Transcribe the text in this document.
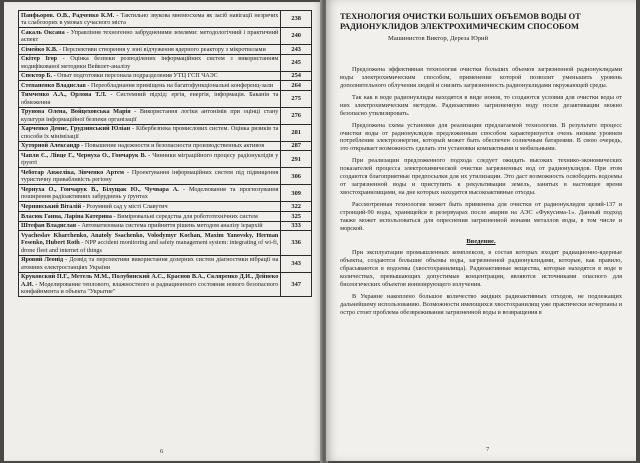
Панфьоров. О.В., Радченко К.М. - Тактильно звукова мнемосхема як засіб навігації незрячих та слабозорих в умовах сучасного міста	238
Сакаль Оксана - Управління техногенно забрудненими землями: методологічний і практичний аспект	240
Сімейко К.В. - Перспективи створення у зоні відчуження ядерного реактору з мікротвелами	243
Скітер Ігор - Оцінка безпеки розподілених інформаційних систем з використанням модифікованої методики Вейвлет-аналізу	245
Спектор Б. - Опыт подготовки персонала подразделения УТЦ ГСП ЧАЭС	254
Степаненко Владислав - Переобладнання приміщень на багатофункціональні конференц-зали	264
Тимченко А.А., Орлова Т.Л. - Системний підхід: ергія, енергія, інформація. Баканія та обмеження	275
Трунова Олена, Войцеховська Марія - Використання логіки антонімів при оцінці стану культури інформаційної безпеки організації	276
Харченко Денис, Грудзинський Юліан - Кібербезпека промислових систем. Оцінка ризиків та способи їх мінімізації	281
Хуторной Александр - Повышение надежности и безопасности производственных активов	287
Чапля Є., Лівце Г., Чернуха О., Гончарук В. - Чинники міграційного процесу радіонуклідів у ґрунті	291
Чеботар Анжеліка, Зінченко Артем - Проектування інформаційних систем під підвищення туристичну привабливість регіону	306
Чернуха О., Гончарук В., Білущак Ю., Чучвара А. - Моделювання та прогнозування поширення радіоактивних забруднень у ґрунтах	309
Чернявський Віталій - Розумний сад у місті Славутич	322
Власюк Ганна, Ларіна Катерина - Вимірювальні середства для робототехнічних систем	325
Штефан Владислав - Автоматизована система прийняття рішень методом аналізу ієрархій	333
Vyacheslav Kharchenko, Anatoly Ssachenko, Volodymyr Kochan, Maxim Yanovsky, Herman Fesenko, Hubert Roth - NPP accident monitoring and safety management system: integrating of wi-fi, drone fleet and internet of things	336
Яровий Леонід - Дозвід та перспективи використання дозерних систем діагностики вібрації на атомних електростанціях України	343
Круковский П.Г., Метель М.М., Полубинский А.С., Краснов В.А., Скляренко Д.И., Дейнеко А.И. - Моделирование теплового, влажностного и радиационного состояния нового безопасного конфайнмента и объекта "Укрытие"	347
6
ТЕХНОЛОГИЯ ОЧИСТКИ БОЛЬШИХ ОБЪЕМОВ ВОДЫ ОТ РАДИОНУКЛИДОВ ЭЛЕКТРОХИМИЧЕСКИМ СПОСОБОМ
Машинистов Виктор, Дереза Юрий

Предложена эффективная технология очистки больших объемов загрязненной радионуклидами воды электрохимическим способом, применение которой позволит уменьшить уровень дополнительного облучения людей и снизить загрязненность радионуклидами окружающей среды.

Так как в воде радионуклиды находятся в виде ионов, то создаются условия для очистки воды от них электрохимическим методом. Радиоактивно загрязненную воду после дезактивации можно безопасно утилизировать.

Предложена схема установки для реализации предлагаемой технологии. В результате процесс очистки воды от радионуклидов предложенным способом характеризуется очень низким уровнем потребления электроэнергии, который может быть обеспечен солнечным батареями. В свою очередь, это открывает возможность сделать эти установки компактными и мобильными.

При реализации предложенного подхода следует ожидать высоких технико-экономических показателей процесса электрохимической очистки загрязненных вод от радионуклидов. При этом создаются благоприятные предпосылки для их утилизации. Это даст возможность освободить водоемы от загрязненной воды и приступить к рекультивации земель, занятых в настоящее время хвостохранилищами, на дне которых находятся высокоактивные отходы.

Рассмотренная технология может быть применена для очистки от радионуклидов цезий-137 и стронций-90 воды, хранящейся в резервуарах после аварии на АЭС «Фукусима-1». Данный подход также может использоваться для опреснения загрязненной ионами металлов воды, в том числе и морской.

Введение.

При эксплуатации промышленных комплексов, в состав которых входят радиационно-ядерные объекты, создаются большие объемы воды, загрязненной радионуклидами, которые, как правило, сбрасываются в водоемы (хвостохранилища). Радиоактивные вещества, которые находятся в воде в количествах, превышающих допустимые концентрации, являются источниками опасного для биологических объектов ионизирующего излучения.

В Украине накоплено большое количество жидких радиоактивных отходов, не подлежащих дальнейшему использованию. Возможности имеющихся хвостохранилищ уже практически исчерпаны и остро стоит проблема обезвреживания загрязненной воды и возвращения в

7
